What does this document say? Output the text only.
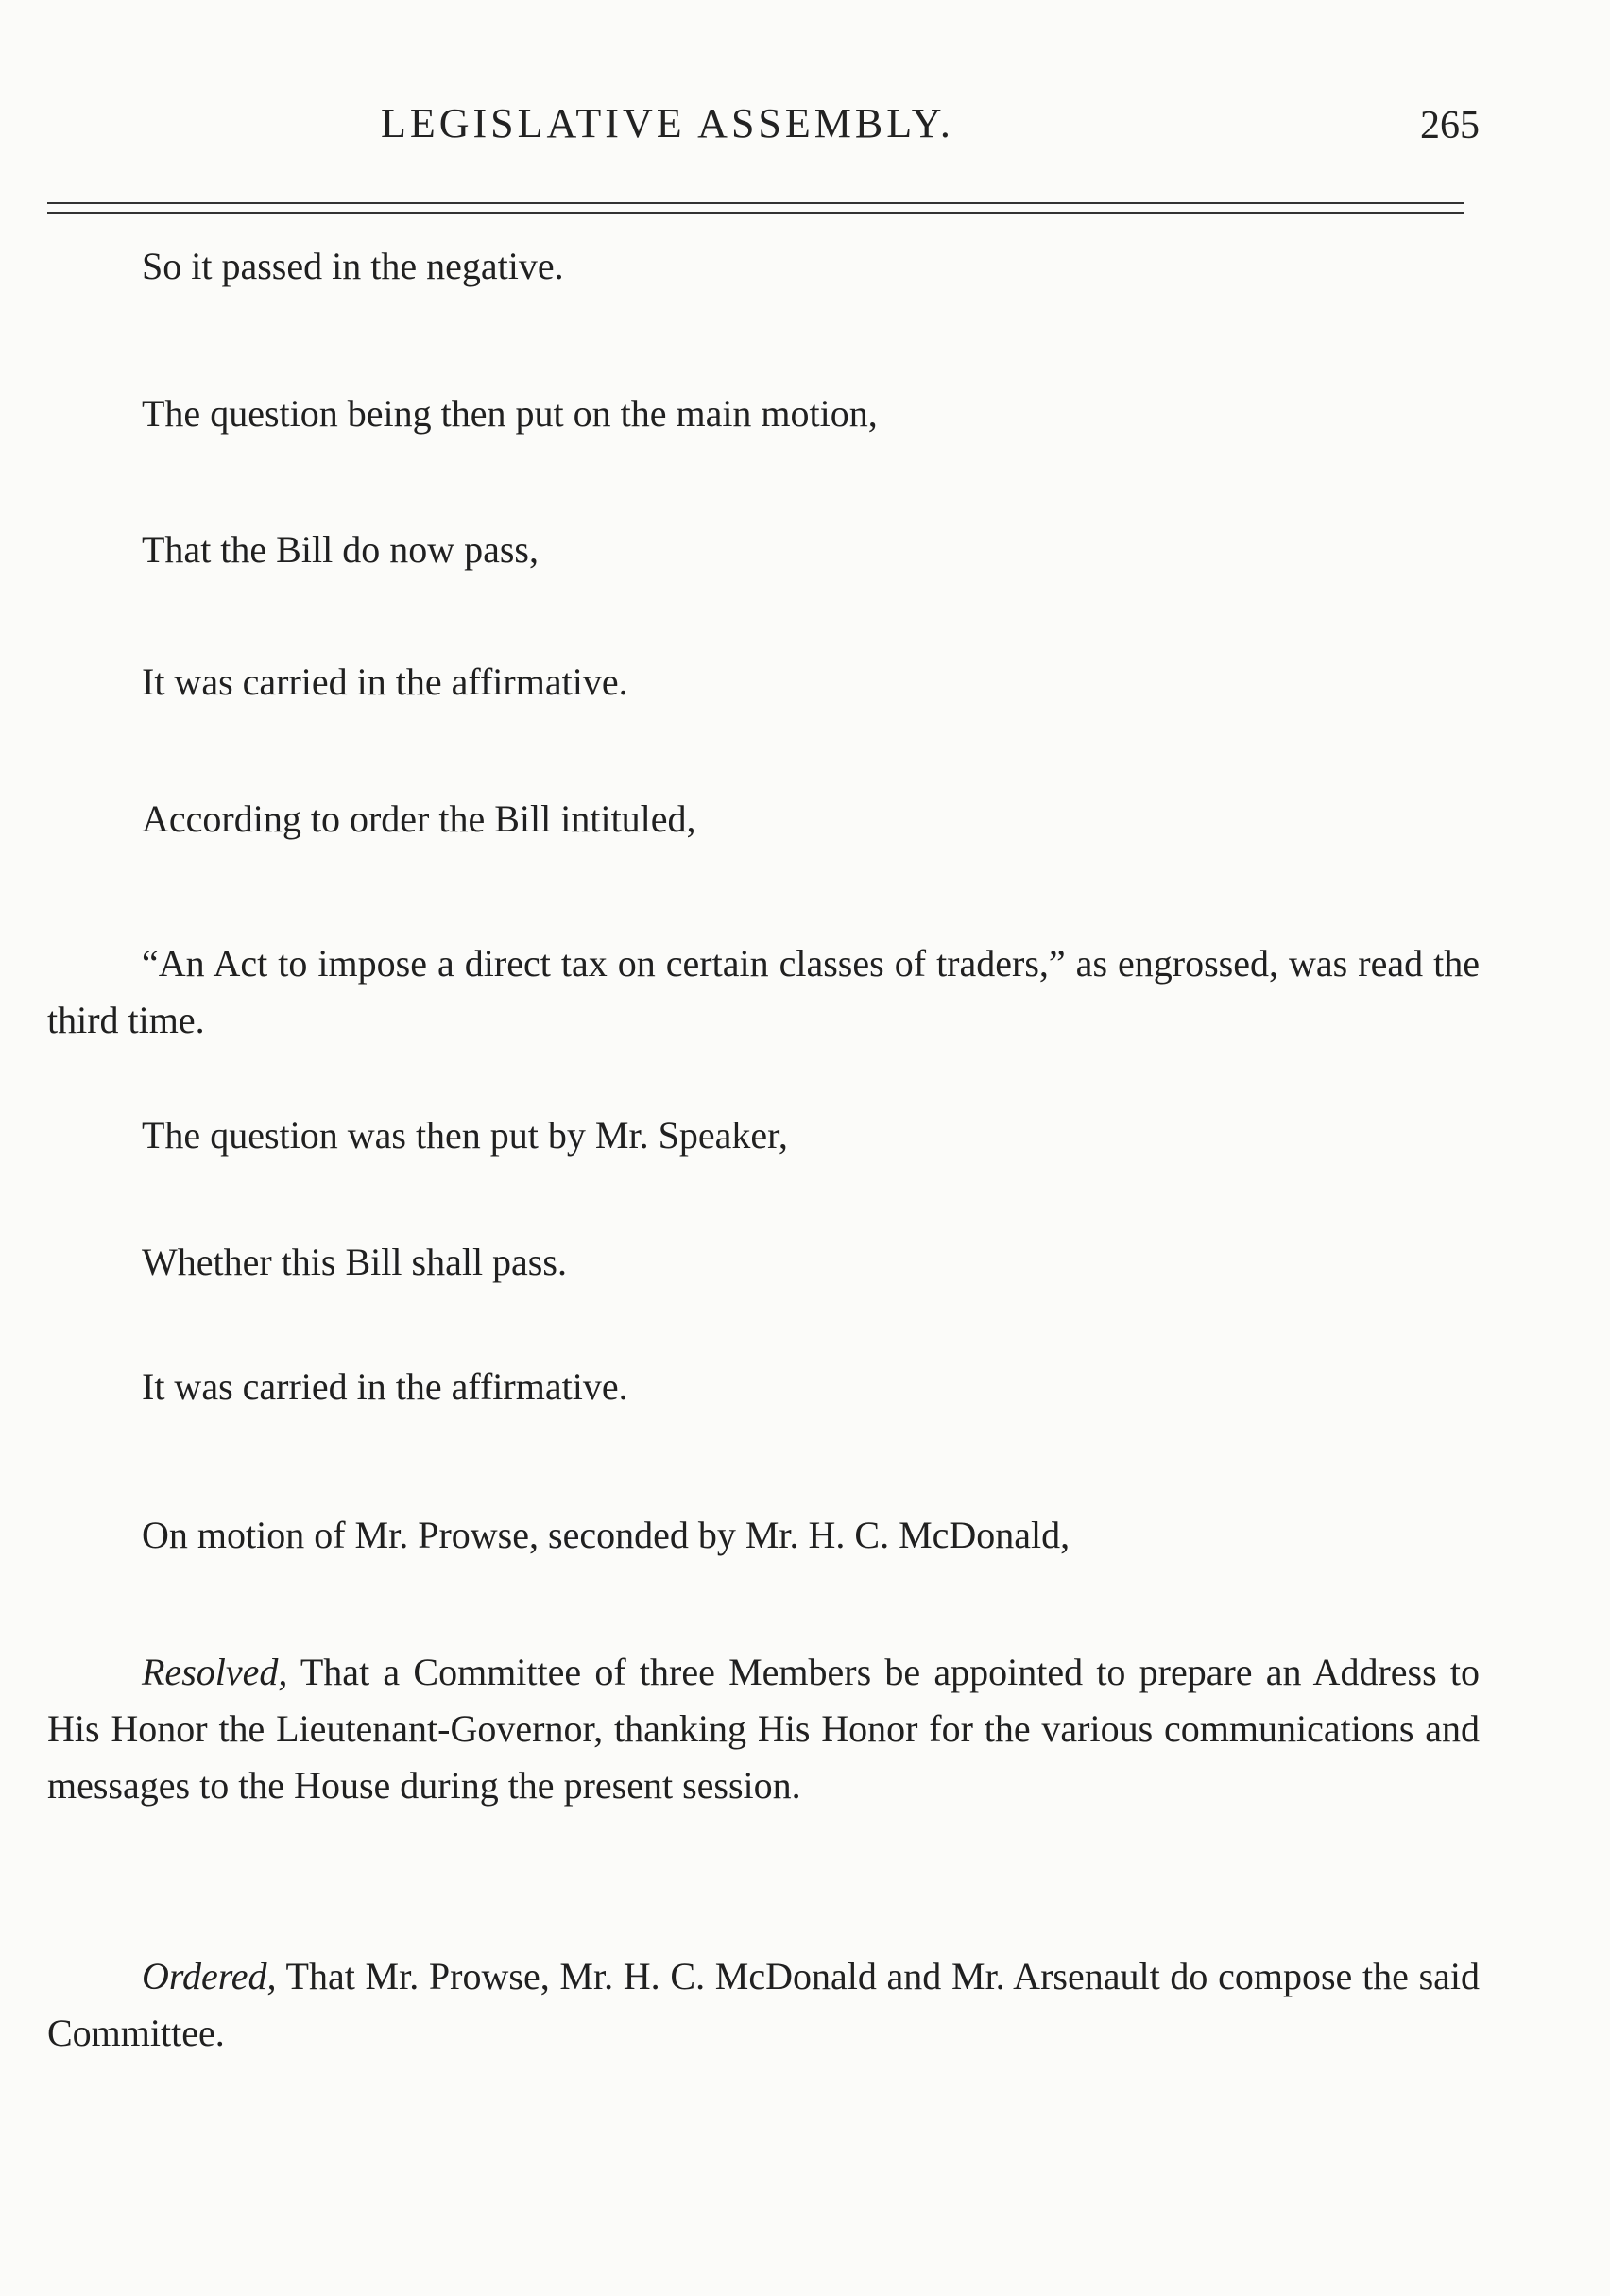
LEGISLATIVE ASSEMBLY.	265

So it passed in the negative.

The question being then put on the main motion,

That the Bill do now pass,

It was carried in the affirmative.

According to order the Bill intituled,

“An Act to impose a direct tax on certain classes of traders,” as engrossed, was read the third time.

The question was then put by Mr. Speaker,

Whether this Bill shall pass.

It was carried in the affirmative.

On motion of Mr. Prowse, seconded by Mr. H. C. McDonald,

Resolved, That a Committee of three Members be appointed to prepare an Address to His Honor the Lieutenant-Governor, thanking His Honor for the various communications and messages to the House during the present session.

Ordered, That Mr. Prowse, Mr. H. C. McDonald and Mr. Arsenault do compose the said Committee.
